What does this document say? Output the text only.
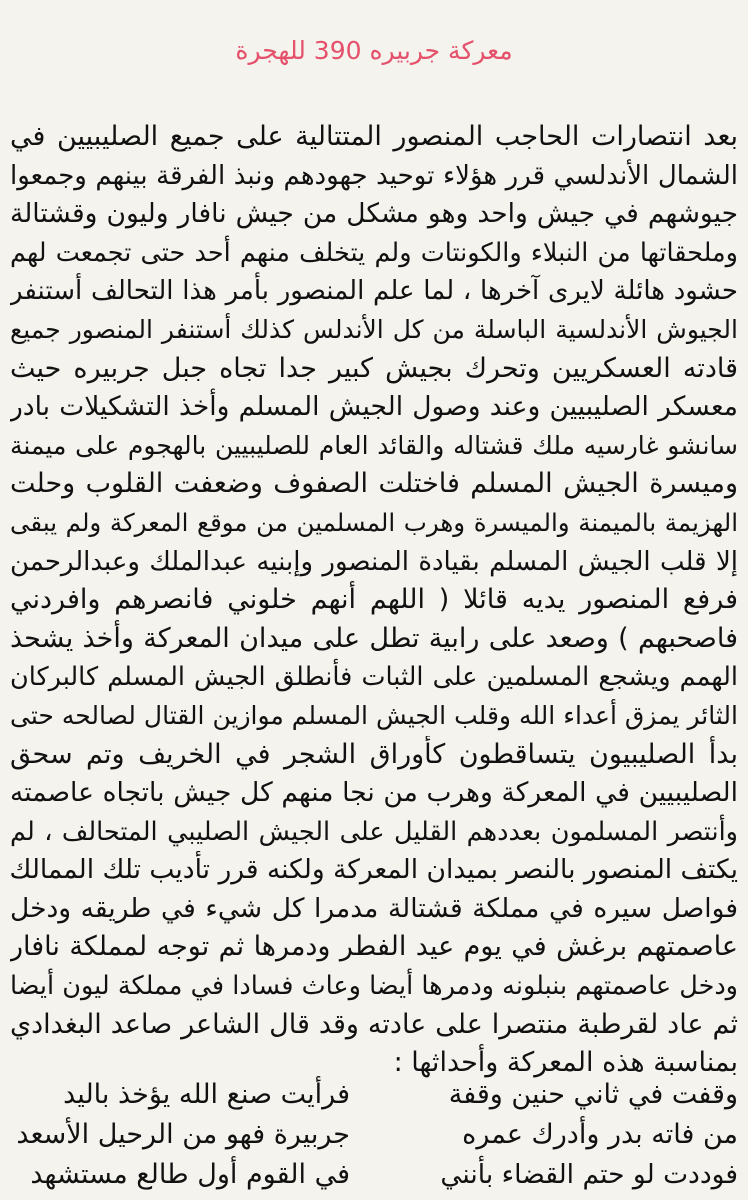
معركة جربيره 390 للهجرة
بعد انتصارات الحاجب المنصور المتتالية على جميع الصليبيين في
الشمال الأندلسي قرر هؤلاء توحيد جهودهم ونبذ الفرقة بينهم وجمعوا
جيوشهم في جيش واحد وهو مشكل من جيش نافار وليون وقشتالة
وملحقاتها من النبلاء والكونتات ولم يتخلف منهم أحد حتى تجمعت لهم
حشود هائلة لايرى آخرها ، لما علم المنصور بأمر هذا التحالف أستنفر
الجيوش الأندلسية الباسلة من كل الأندلس كذلك أستنفر المنصور جميع
قادته العسكريين وتحرك بجيش كبير جدا تجاه جبل جربيره حيث
معسكر الصليبيين وعند وصول الجيش المسلم وأخذ التشكيلات بادر
سانشو غارسيه ملك قشتاله والقائد العام للصليبيين بالهجوم على ميمنة
وميسرة الجيش المسلم فاختلت الصفوف وضعفت القلوب وحلت
الهزيمة بالميمنة والميسرة وهرب المسلمين من موقع المعركة ولم يبقى
إلا قلب الجيش المسلم بقيادة المنصور وإبنيه عبدالملك وعبدالرحمن
فرفع المنصور يديه قائلا ( اللهم أنهم خلوني فانصرهم وافردني
فاصحبهم ) وصعد على رابية تطل على ميدان المعركة وأخذ يشحذ
الهمم ويشجع المسلمين على الثبات فأنطلق الجيش المسلم كالبركان
الثائر يمزق أعداء الله وقلب الجيش المسلم موازين القتال لصالحه حتى
بدأ الصليبيون يتساقطون كأوراق الشجر في الخريف وتم سحق
الصليبيين في المعركة وهرب من نجا منهم كل جيش باتجاه عاصمته
وأنتصر المسلمون بعددهم القليل على الجيش الصليبي المتحالف ، لم
يكتف المنصور بالنصر بميدان المعركة ولكنه قرر تأديب تلك الممالك
فواصل سيره في مملكة قشتالة مدمرا كل شيء في طريقه ودخل
عاصمتهم برغش في يوم عيد الفطر ودمرها ثم توجه لمملكة نافار
ودخل عاصمتهم بنبلونه ودمرها أيضا وعاث فسادا في مملكة ليون أيضا
ثم عاد لقرطبة منتصرا على عادته وقد قال الشاعر صاعد البغدادي
بمناسبة هذه المعركة وأحداثها :
وقفت في ثاني حنين وقفة
فرأيت صنع الله يؤخذ باليد
من فاته بدر وأدرك عمره
جربيرة فهو من الرحيل الأسعد
فوددت لو حتم القضاء بأنني
في القوم أول طالع مستشهد
